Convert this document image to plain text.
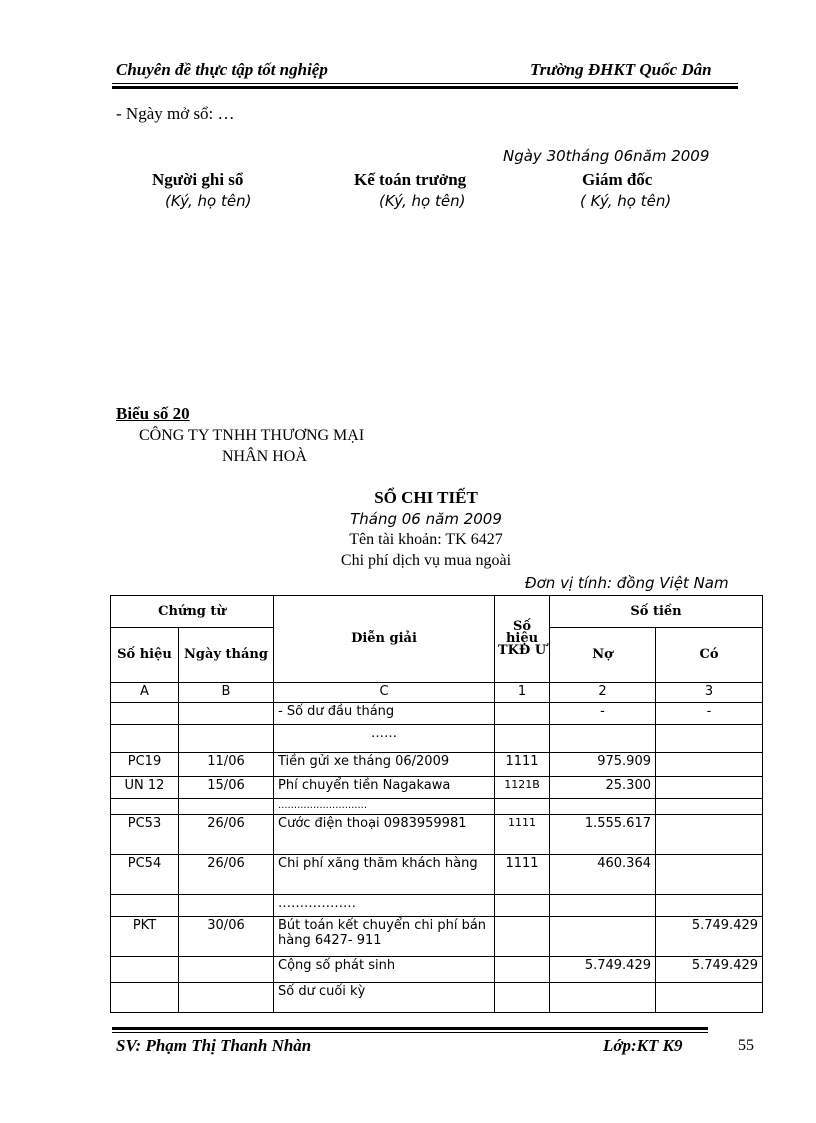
Chuyên đề thực tập tốt nghiệp	Trường ĐHKT Quốc Dân
- Ngày mở sổ: …
Ngày 30tháng 06năm 2009
Người ghi sổ
(Ký, họ tên)
Kế toán trưởng
(Ký, họ tên)
Giám đốc
( Ký, họ tên)
Biểu số 20
CÔNG TY TNHH THƯƠNG MẠI
NHÂN HOÀ
SỔ CHI TIẾT
Tháng 06 năm 2009
Tên tài khoản: TK 6427
Chi phí dịch vụ mua ngoài
Đơn vị tính: đồng Việt Nam
Chứng từ		Diễn giải	Số hiệu TKĐ Ư	Số tiền	
Số hiệu	Ngày tháng			Nợ	Có
A	B	C	1	2	3
		- Số dư đầu tháng		-	-
		……			
PC19	11/06	Tiền gửi xe tháng 06/2009	1111	975.909	
UN 12	15/06	Phí chuyển tiền Nagakawa	1121B	25.300	
		............................			
PC53	26/06	Cước điện thoại 0983959981	1111	1.555.617	
PC54	26/06	Chi phí xăng thăm khách hàng	1111	460.364	
		………………			
PKT	30/06	Bút toán kết chuyển chi phí bán hàng 6427- 911			5.749.429
		Cộng số phát sinh		5.749.429	5.749.429
		Số dư cuối kỳ			
SV: Phạm Thị Thanh Nhàn	Lớp:KT K9	55
